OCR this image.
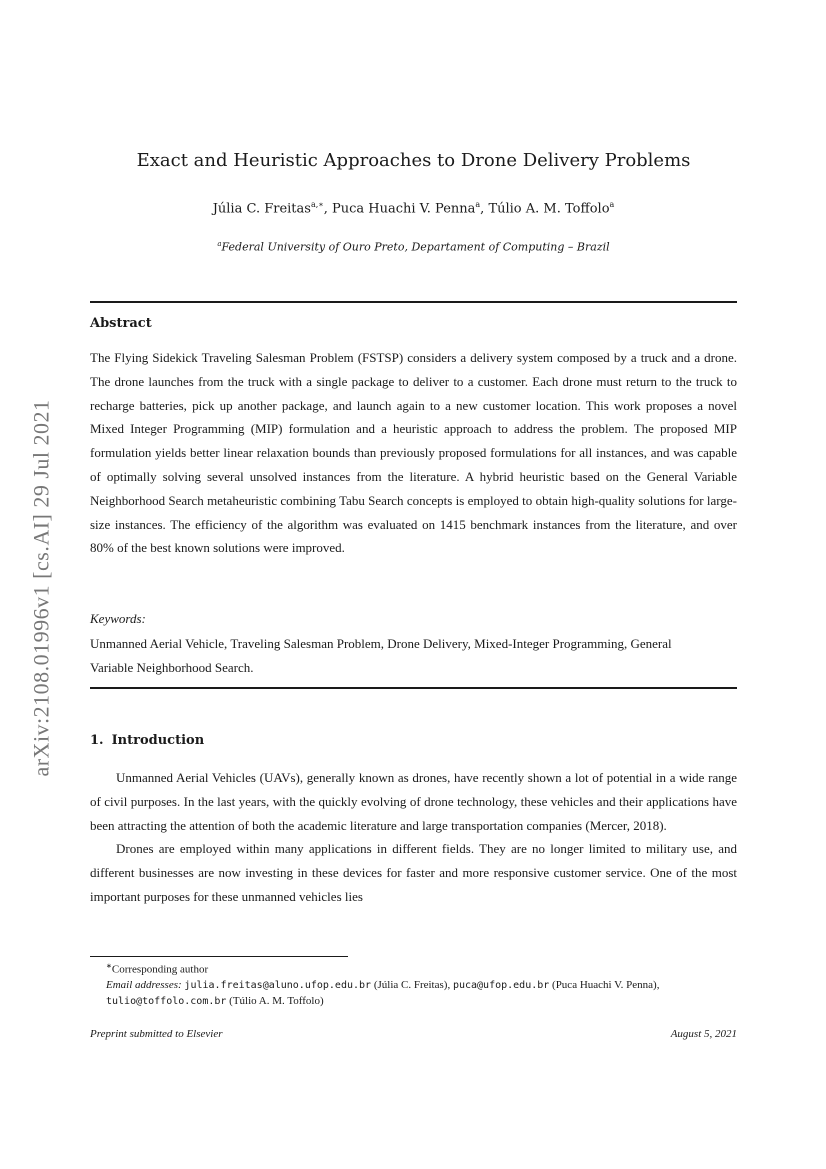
arXiv:2108.01996v1 [cs.AI] 29 Jul 2021
Exact and Heuristic Approaches to Drone Delivery Problems
Júlia C. Freitas$^{a,∗}$, Puca Huachi V. Penna$^a$, Túlio A. M. Toffolo$^a$
$^a$Federal University of Ouro Preto, Departament of Computing – Brazil
Abstract
The Flying Sidekick Traveling Salesman Problem (FSTSP) considers a delivery system composed by a truck and a drone. The drone launches from the truck with a single package to deliver to a customer. Each drone must return to the truck to recharge batteries, pick up another package, and launch again to a new customer location. This work proposes a novel Mixed Integer Programming (MIP) formulation and a heuristic approach to address the problem. The proposed MIP formulation yields better linear relaxation bounds than previously proposed formulations for all instances, and was capable of optimally solving several unsolved instances from the literature. A hybrid heuristic based on the General Variable Neighborhood Search metaheuristic combining Tabu Search concepts is employed to obtain high-quality solutions for large-size instances. The efficiency of the algorithm was evaluated on 1415 benchmark instances from the literature, and over 80% of the best known solutions were improved.
Keywords:
Unmanned Aerial Vehicle, Traveling Salesman Problem, Drone Delivery, Mixed-Integer Programming, General Variable Neighborhood Search.
1. Introduction

Unmanned Aerial Vehicles (UAVs), generally known as drones, have recently shown a lot of potential in a wide range of civil purposes. In the last years, with the quickly evolving of drone technology, these vehicles and their applications have been attracting the attention of both the academic literature and large transportation companies (Mercer, 2018).

Drones are employed within many applications in different fields. They are no longer limited to military use, and different businesses are now investing in these devices for faster and more responsive customer service. One of the most important purposes for these unmanned vehicles lies

∗Corresponding author
Email addresses: julia.freitas@aluno.ufop.edu.br (Júlia C. Freitas), puca@ufop.edu.br (Puca Huachi V. Penna), tulio@toffolo.com.br (Túlio A. M. Toffolo)
Preprint submitted to Elsevier	August 5, 2021
